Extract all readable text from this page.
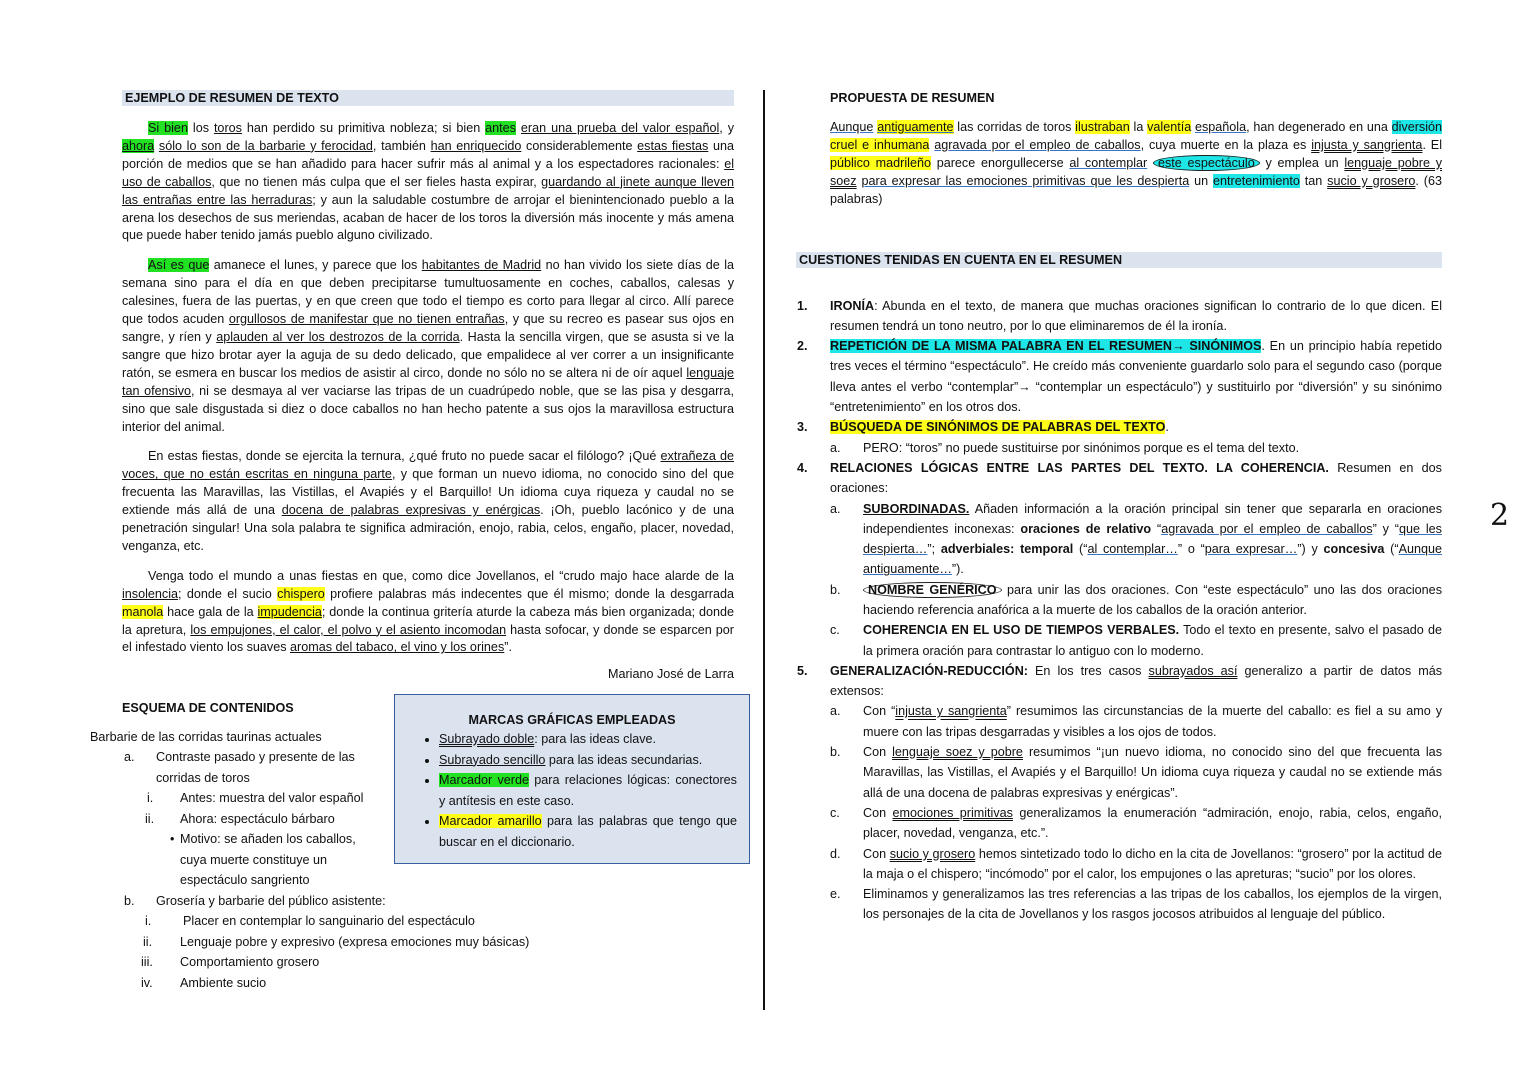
EJEMPLO DE RESUMEN DE TEXTO

Si bien los toros han perdido su primitiva nobleza; si bien antes eran una prueba del valor español, y ahora sólo lo son de la barbarie y ferocidad, también han enriquecido considerablemente estas fiestas una porción de medios que se han añadido para hacer sufrir más al animal y a los espectadores racionales: el uso de caballos, que no tienen más culpa que el ser fieles hasta expirar, guardando al jinete aunque lleven las entrañas entre las herraduras; y aun la saludable costumbre de arrojar el bienintencionado pueblo a la arena los desechos de sus meriendas, acaban de hacer de los toros la diversión más inocente y más amena que puede haber tenido jamás pueblo alguno civilizado.

Así es que amanece el lunes, y parece que los habitantes de Madrid no han vivido los siete días de la semana sino para el día en que deben precipitarse tumultuosamente en coches, caballos, calesas y calesines, fuera de las puertas, y en que creen que todo el tiempo es corto para llegar al circo. Allí parece que todos acuden orgullosos de manifestar que no tienen entrañas, y que su recreo es pasear sus ojos en sangre, y ríen y aplauden al ver los destrozos de la corrida. Hasta la sencilla virgen, que se asusta si ve la sangre que hizo brotar ayer la aguja de su dedo delicado, que empalidece al ver correr a un insignificante ratón, se esmera en buscar los medios de asistir al circo, donde no sólo no se altera ni de oír aquel lenguaje tan ofensivo, ni se desmaya al ver vaciarse las tripas de un cuadrúpedo noble, que se las pisa y desgarra, sino que sale disgustada si diez o doce caballos no han hecho patente a sus ojos la maravillosa estructura interior del animal.

En estas fiestas, donde se ejercita la ternura, ¿qué fruto no puede sacar el filólogo? ¡Qué extrañeza de voces, que no están escritas en ninguna parte, y que forman un nuevo idioma, no conocido sino del que frecuenta las Maravillas, las Vistillas, el Avapiés y el Barquillo! Un idioma cuya riqueza y caudal no se extiende más allá de una docena de palabras expresivas y enérgicas. ¡Oh, pueblo lacónico y de una penetración singular! Una sola palabra te significa admiración, enojo, rabia, celos, engaño, placer, novedad, venganza, etc.

Venga todo el mundo a unas fiestas en que, como dice Jovellanos, el “crudo majo hace alarde de la insolencia; donde el sucio chispero profiere palabras más indecentes que él mismo; donde la desgarrada manola hace gala de la impudencia; donde la continua gritería aturde la cabeza más bien organizada; donde la apretura, los empujones, el calor, el polvo y el asiento incomodan hasta sofocar, y donde se esparcen por el infestado viento los suaves aromas del tabaco, el vino y los orines”.

Mariano José de Larra
ESQUEMA DE CONTENIDOS
Barbarie de las corridas taurinas actuales
a.	Contraste pasado y presente de las corridas de toros
i.	Antes: muestra del valor español
ii.	Ahora: espectáculo bárbaro
• Motivo: se añaden los caballos, cuya muerte constituye un espectáculo sangriento
b.	Grosería y barbarie del público asistente:
i.	Placer en contemplar lo sanguinario del espectáculo
ii.	Lenguaje pobre y expresivo (expresa emociones muy básicas)
iii.	Comportamiento grosero
iv.	Ambiente sucio
MARCAS GRÁFICAS EMPLEADAS
• Subrayado doble: para las ideas clave.
• Subrayado sencillo para las ideas secundarias.
• Marcador verde para relaciones lógicas: conectores y antítesis en este caso.
• Marcador amarillo para las palabras que tengo que buscar en el diccionario.
PROPUESTA DE RESUMEN

Aunque antiguamente las corridas de toros ilustraban la valentía española, han degenerado en una diversión cruel e inhumana agravada por el empleo de caballos, cuya muerte en la plaza es injusta y sangrienta. El público madrileño parece enorgullecerse al contemplar este espectáculo y emplea un lenguaje pobre y soez para expresar las emociones primitivas que les despierta un entretenimiento tan sucio y grosero. (63 palabras)

CUESTIONES TENIDAS EN CUENTA EN EL RESUMEN
1.	IRONÍA: Abunda en el texto, de manera que muchas oraciones significan lo contrario de lo que dicen. El resumen tendrá un tono neutro, por lo que eliminaremos de él la ironía.
2.	REPETICIÓN DE LA MISMA PALABRA EN EL RESUMEN→ SINÓNIMOS. En un principio había repetido tres veces el término “espectáculo”. He creído más conveniente guardarlo solo para el segundo caso (porque lleva antes el verbo “contemplar”→ “contemplar un espectáculo”) y sustituirlo por “diversión” y su sinónimo “entretenimiento” en los otros dos.
3.	BÚSQUEDA DE SINÓNIMOS DE PALABRAS DEL TEXTO.
a.	PERO: “toros” no puede sustituirse por sinónimos porque es el tema del texto.
4.	RELACIONES LÓGICAS ENTRE LAS PARTES DEL TEXTO. LA COHERENCIA. Resumen en dos oraciones:
a.	SUBORDINADAS. Añaden información a la oración principal sin tener que separarla en oraciones independientes inconexas: oraciones de relativo “agravada por el empleo de caballos” y “que les despierta…”; adverbiales: temporal (“al contemplar…” o “para expresar…”) y concesiva (“Aunque antiguamente…”).
b.	NOMBRE GENÉRICO para unir las dos oraciones. Con “este espectáculo” uno las dos oraciones haciendo referencia anafórica a la muerte de los caballos de la oración anterior.
c.	COHERENCIA EN EL USO DE TIEMPOS VERBALES. Todo el texto en presente, salvo el pasado de la primera oración para contrastar lo antiguo con lo moderno.
5.	GENERALIZACIÓN-REDUCCIÓN: En los tres casos subrayados así generalizo a partir de datos más extensos:
a.	Con “injusta y sangrienta” resumimos las circunstancias de la muerte del caballo: es fiel a su amo y muere con las tripas desgarradas y visibles a los ojos de todos.
b.	Con lenguaje soez y pobre resumimos “¡un nuevo idioma, no conocido sino del que frecuenta las Maravillas, las Vistillas, el Avapiés y el Barquillo! Un idioma cuya riqueza y caudal no se extiende más allá de una docena de palabras expresivas y enérgicas”.
c.	Con emociones primitivas generalizamos la enumeración “admiración, enojo, rabia, celos, engaño, placer, novedad, venganza, etc.”.
d.	Con sucio y grosero hemos sintetizado todo lo dicho en la cita de Jovellanos: “grosero” por la actitud de la maja o el chispero; “incómodo” por el calor, los empujones o las apreturas; “sucio” por los olores.
e.	Eliminamos y generalizamos las tres referencias a las tripas de los caballos, los ejemplos de la virgen, los personajes de la cita de Jovellanos y los rasgos jocosos atribuidos al lenguaje del público.
2
